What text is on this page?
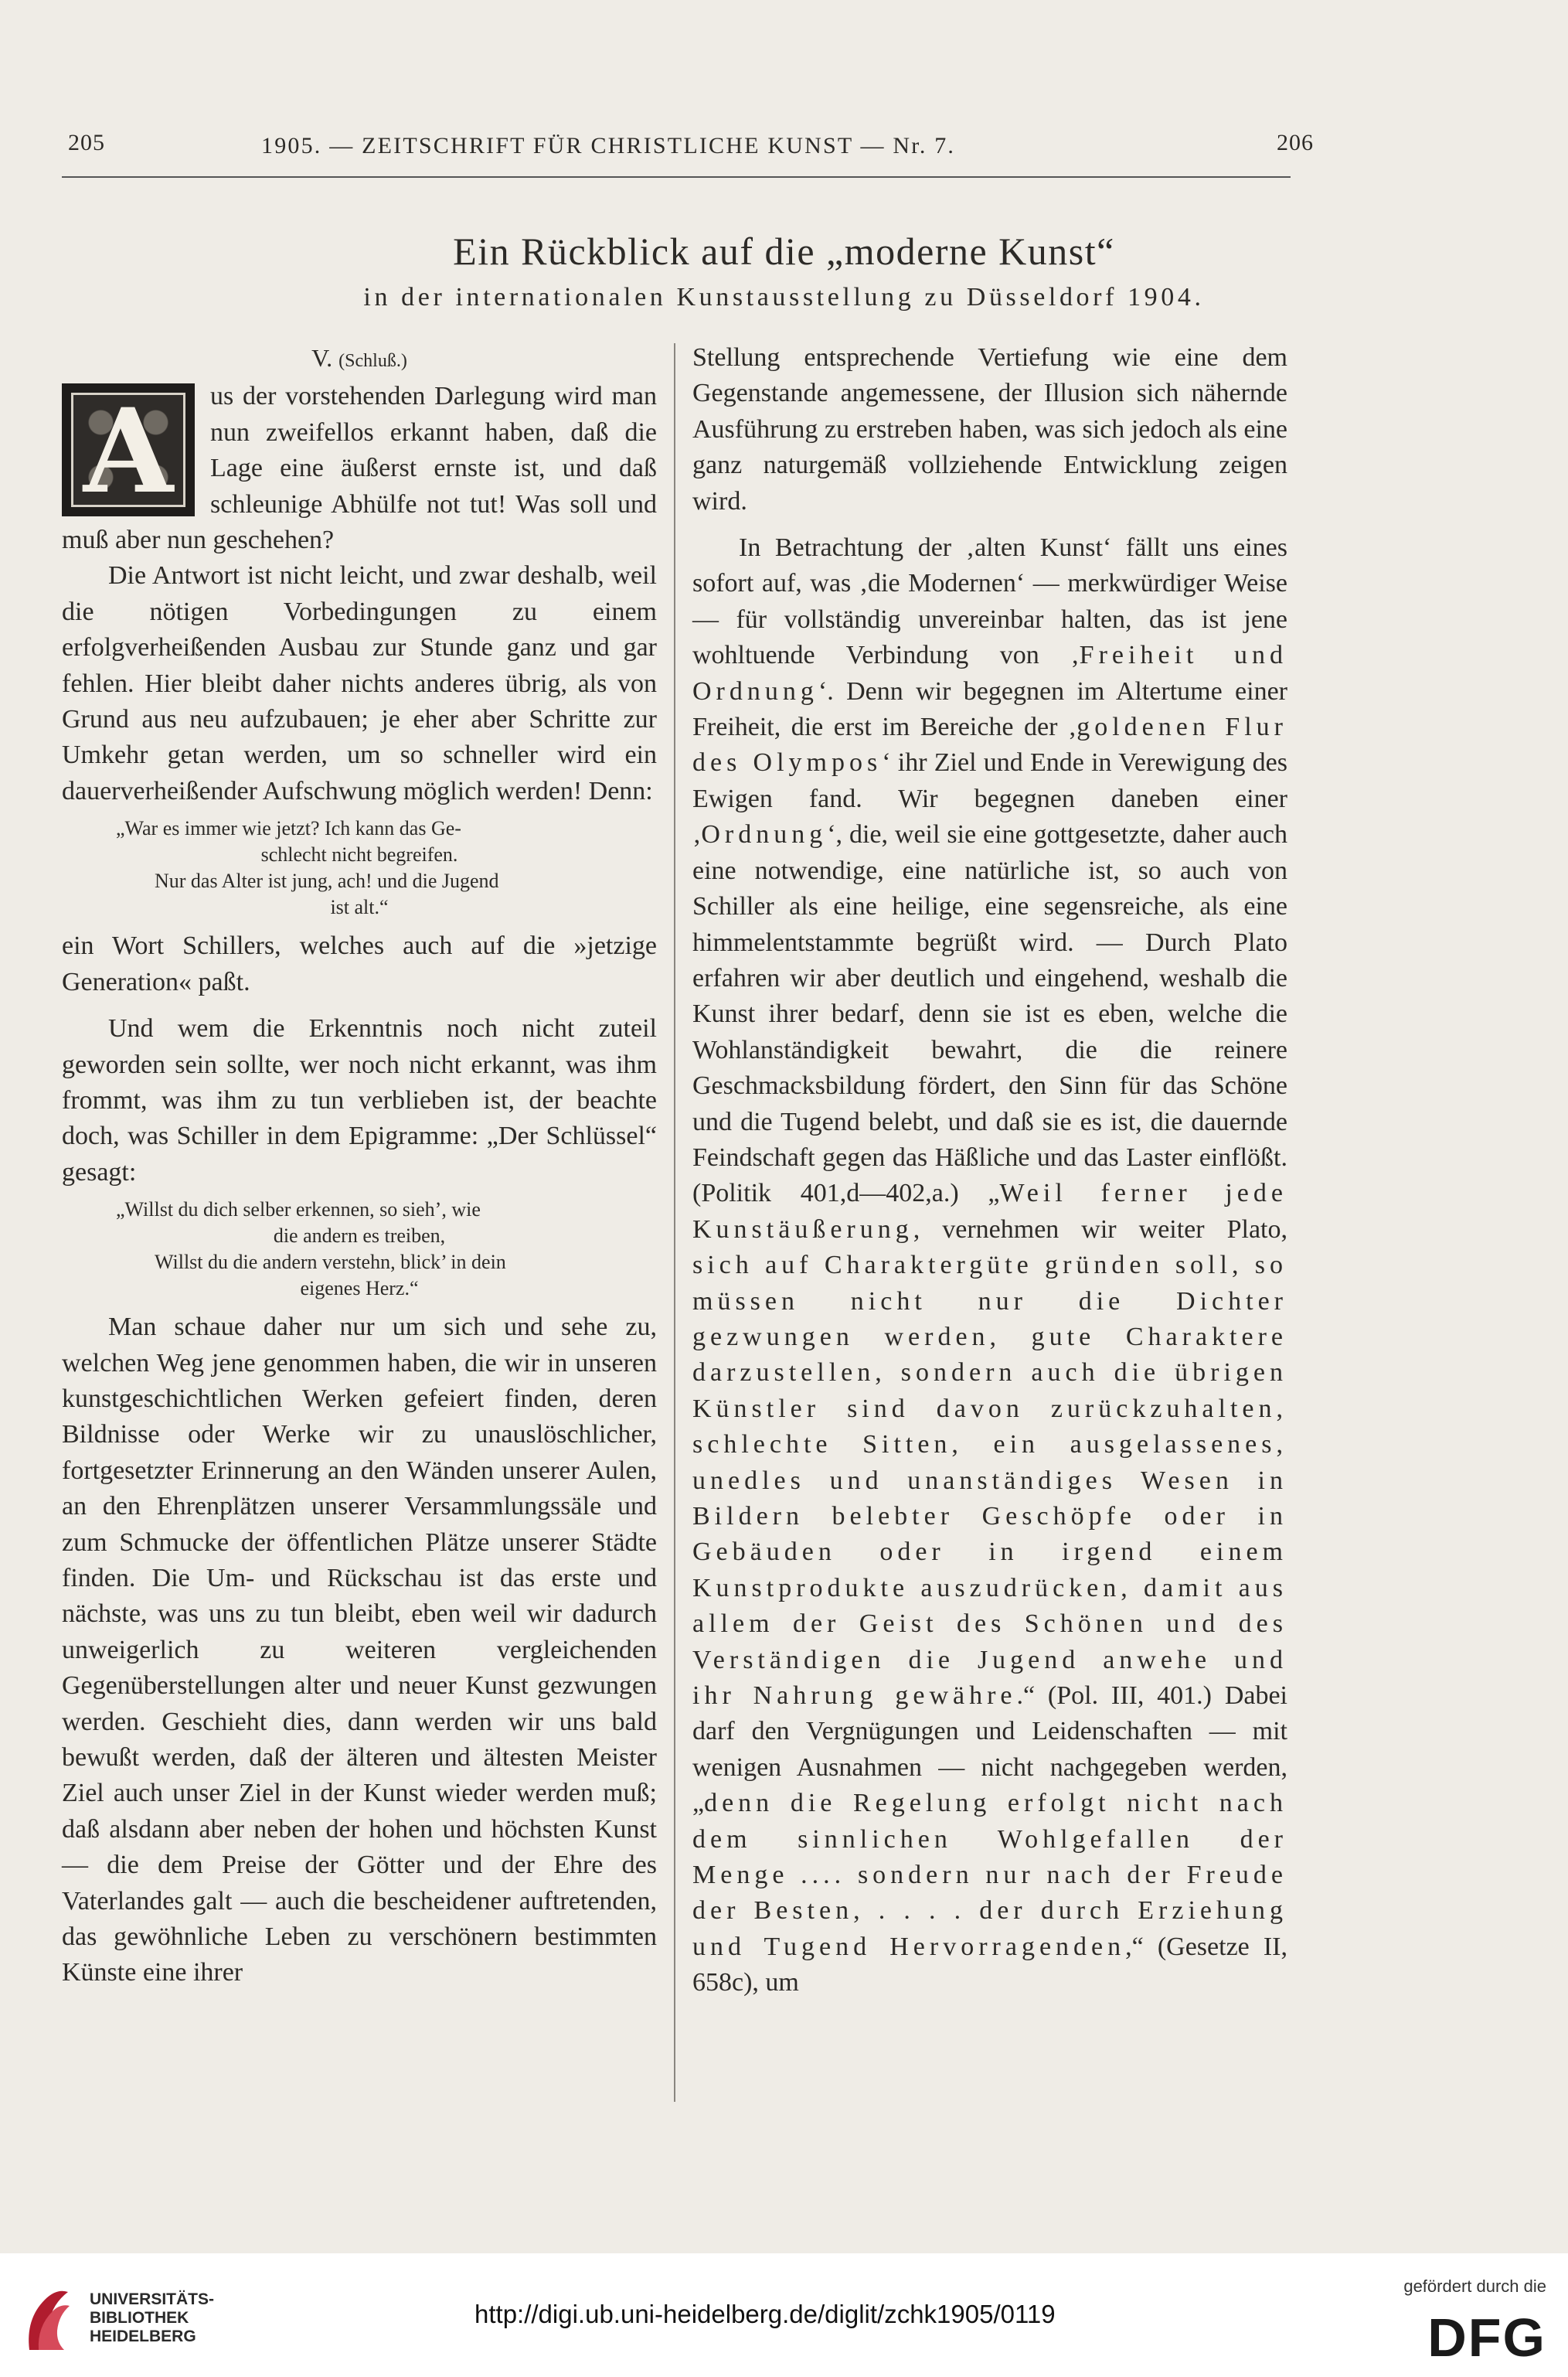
205	1905. — ZEITSCHRIFT FÜR CHRISTLICHE KUNST — Nr. 7.	206
Ein Rückblick auf die „moderne Kunst“
in der internationalen Kunstausstellung zu Düsseldorf 1904.

V. (Schluß.)

A	us der vorstehenden Darlegung wird man nun zweifellos erkannt haben, daß die Lage eine äußerst ernste ist, und daß schleunige Abhülfe not tut! Was soll und muß aber nun geschehen?

Die Antwort ist nicht leicht, und zwar deshalb, weil die nötigen Vorbedingungen zu einem erfolgverheißenden Ausbau zur Stunde ganz und gar fehlen. Hier bleibt daher nichts anderes übrig, als von Grund aus neu aufzubauen; je eher aber Schritte zur Umkehr getan werden, um so schneller wird ein dauerverheißender Aufschwung möglich werden! Denn:

„War es immer wie jetzt? Ich kann das Ge-
schlecht nicht begreifen.
Nur das Alter ist jung, ach! und die Jugend
ist alt.“

ein Wort Schillers, welches auch auf die »jetzige Generation« paßt.

Und wem die Erkenntnis noch nicht zuteil geworden sein sollte, wer noch nicht erkannt, was ihm frommt, was ihm zu tun verblieben ist, der beachte doch, was Schiller in dem Epigramme: „Der Schlüssel“ gesagt:

„Willst du dich selber erkennen, so sieh’, wie
die andern es treiben,
Willst du die andern verstehn, blick’ in dein
eigenes Herz.“

Man schaue daher nur um sich und sehe zu, welchen Weg jene genommen haben, die wir in unseren kunstgeschichtlichen Werken gefeiert finden, deren Bildnisse oder Werke wir zu unauslöschlicher, fortgesetzter Erinnerung an den Wänden unserer Aulen, an den Ehrenplätzen unserer Versammlungssäle und zum Schmucke der öffentlichen Plätze unserer Städte finden. Die Um- und Rückschau ist das erste und nächste, was uns zu tun bleibt, eben weil wir dadurch unweigerlich zu weiteren vergleichenden Gegenüberstellungen alter und neuer Kunst gezwungen werden. Geschieht dies, dann werden wir uns bald bewußt werden, daß der älteren und ältesten Meister Ziel auch unser Ziel in der Kunst wieder werden muß; daß alsdann aber neben der hohen und höchsten Kunst — die dem Preise der Götter und der Ehre des Vaterlandes galt — auch die bescheidener auftretenden, das gewöhnliche Leben zu verschönern bestimmten Künste eine ihrer

Stellung entsprechende Vertiefung wie eine dem Gegenstande angemessene, der Illusion sich nähernde Ausführung zu erstreben haben, was sich jedoch als eine ganz naturgemäß vollziehende Entwicklung zeigen wird.

In Betrachtung der ‚alten Kunst‘ fällt uns eines sofort auf, was ‚die Modernen‘ — merkwürdiger Weise — für vollständig unvereinbar halten, das ist jene wohltuende Verbindung von ‚Freiheit und Ordnung‘. Denn wir begegnen im Altertume einer Freiheit, die erst im Bereiche der ‚goldenen Flur des Olympos‘ ihr Ziel und Ende in Verewigung des Ewigen fand. Wir begegnen daneben einer ‚Ordnung‘, die, weil sie eine gottgesetzte, daher auch eine notwendige, eine natürliche ist, so auch von Schiller als eine heilige, eine segensreiche, als eine himmelentstammte begrüßt wird. — Durch Plato erfahren wir aber deutlich und eingehend, weshalb die Kunst ihrer bedarf, denn sie ist es eben, welche die Wohlanständigkeit bewahrt, die die reinere Geschmacksbildung fördert, den Sinn für das Schöne und die Tugend belebt, und daß sie es ist, die dauernde Feindschaft gegen das Häßliche und das Laster einflößt. (Politik 401,d—402,a.) „Weil ferner jede Kunstäußerung, vernehmen wir weiter Plato, sich auf Charaktergüte gründen soll, so müssen nicht nur die Dichter gezwungen werden, gute Charaktere darzustellen, sondern auch die übrigen Künstler sind davon zurückzuhalten, schlechte Sitten, ein ausgelassenes, unedles und unanständiges Wesen in Bildern belebter Geschöpfe oder in Gebäuden oder in irgend einem Kunstprodukte auszudrücken, damit aus allem der Geist des Schönen und des Verständigen die Jugend anwehe und ihr Nahrung gewähre.“ (Pol. III, 401.) Dabei darf den Vergnügungen und Leidenschaften — mit wenigen Ausnahmen — nicht nachgegeben werden, „denn die Regelung erfolgt nicht nach dem sinnlichen Wohlgefallen der Menge .... sondern nur nach der Freude der Besten, . . . . der durch Erziehung und Tugend Hervorragenden,“ (Gesetze II, 658c), um

UNIVERSITÄTS-
BIBLIOTHEK
HEIDELBERG
http://digi.ub.uni-heidelberg.de/diglit/zchk1905/0119
gefördert durch die
DFG
